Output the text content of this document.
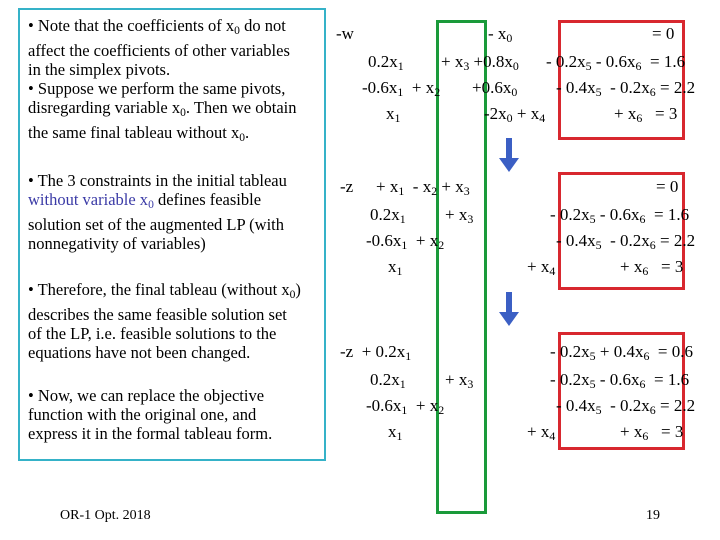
• Note that the coefficients of $x_0$ do not
affect the coefficients of other variables
in the simplex pivots.
• Suppose we perform the same pivots,
disregarding variable $x_0$. Then we obtain
the same final tableau without $x_0$.
• The 3 constraints in the initial tableau
without variable $x_0$ defines feasible
solution set of the augmented LP (with
nonnegativity of variables)
• Therefore, the final tableau (without $x_0$)
describes the same feasible solution set
of the LP, i.e. feasible solutions to the
equations have not been changed.
• Now, we can replace the objective
function with the original one, and
express it in the formal tableau form.
-w	- $x_0$	= 0
$0.2x_1 + x_3 +0.8x_0 - 0.2x_5 - 0.6x_6 = 1.6$
$-0.6x_1 + x_2 +0.6x_0 - 0.4x_5 - 0.2x_6 = 2.2$
$x_1$	$-2x_0 + x_4$	+ $x_6 = 3$
$-z + x_1 - x_2 + x_3$	= 0
$0.2x_1 + x_3$	- $0.2x_5 - 0.6x_6 = 1.6$
$-0.6x_1 + x_2$	- $0.4x_5 - 0.2x_6 = 2.2$
$x_1$	+ $x_4$	+ $x_6 = 3$
$-z + 0.2x_1$	- $0.2x_5 + 0.4x_6 = 0.6$
$0.2x_1 + x_3$	- $0.2x_5 - 0.6x_6 = 1.6$
$-0.6x_1 + x_2$	- $0.4x_5 - 0.2x_6 = 2.2$
$x_1$	+ $x_4$	+ $x_6 = 3$
OR-1 Opt. 2018	19
